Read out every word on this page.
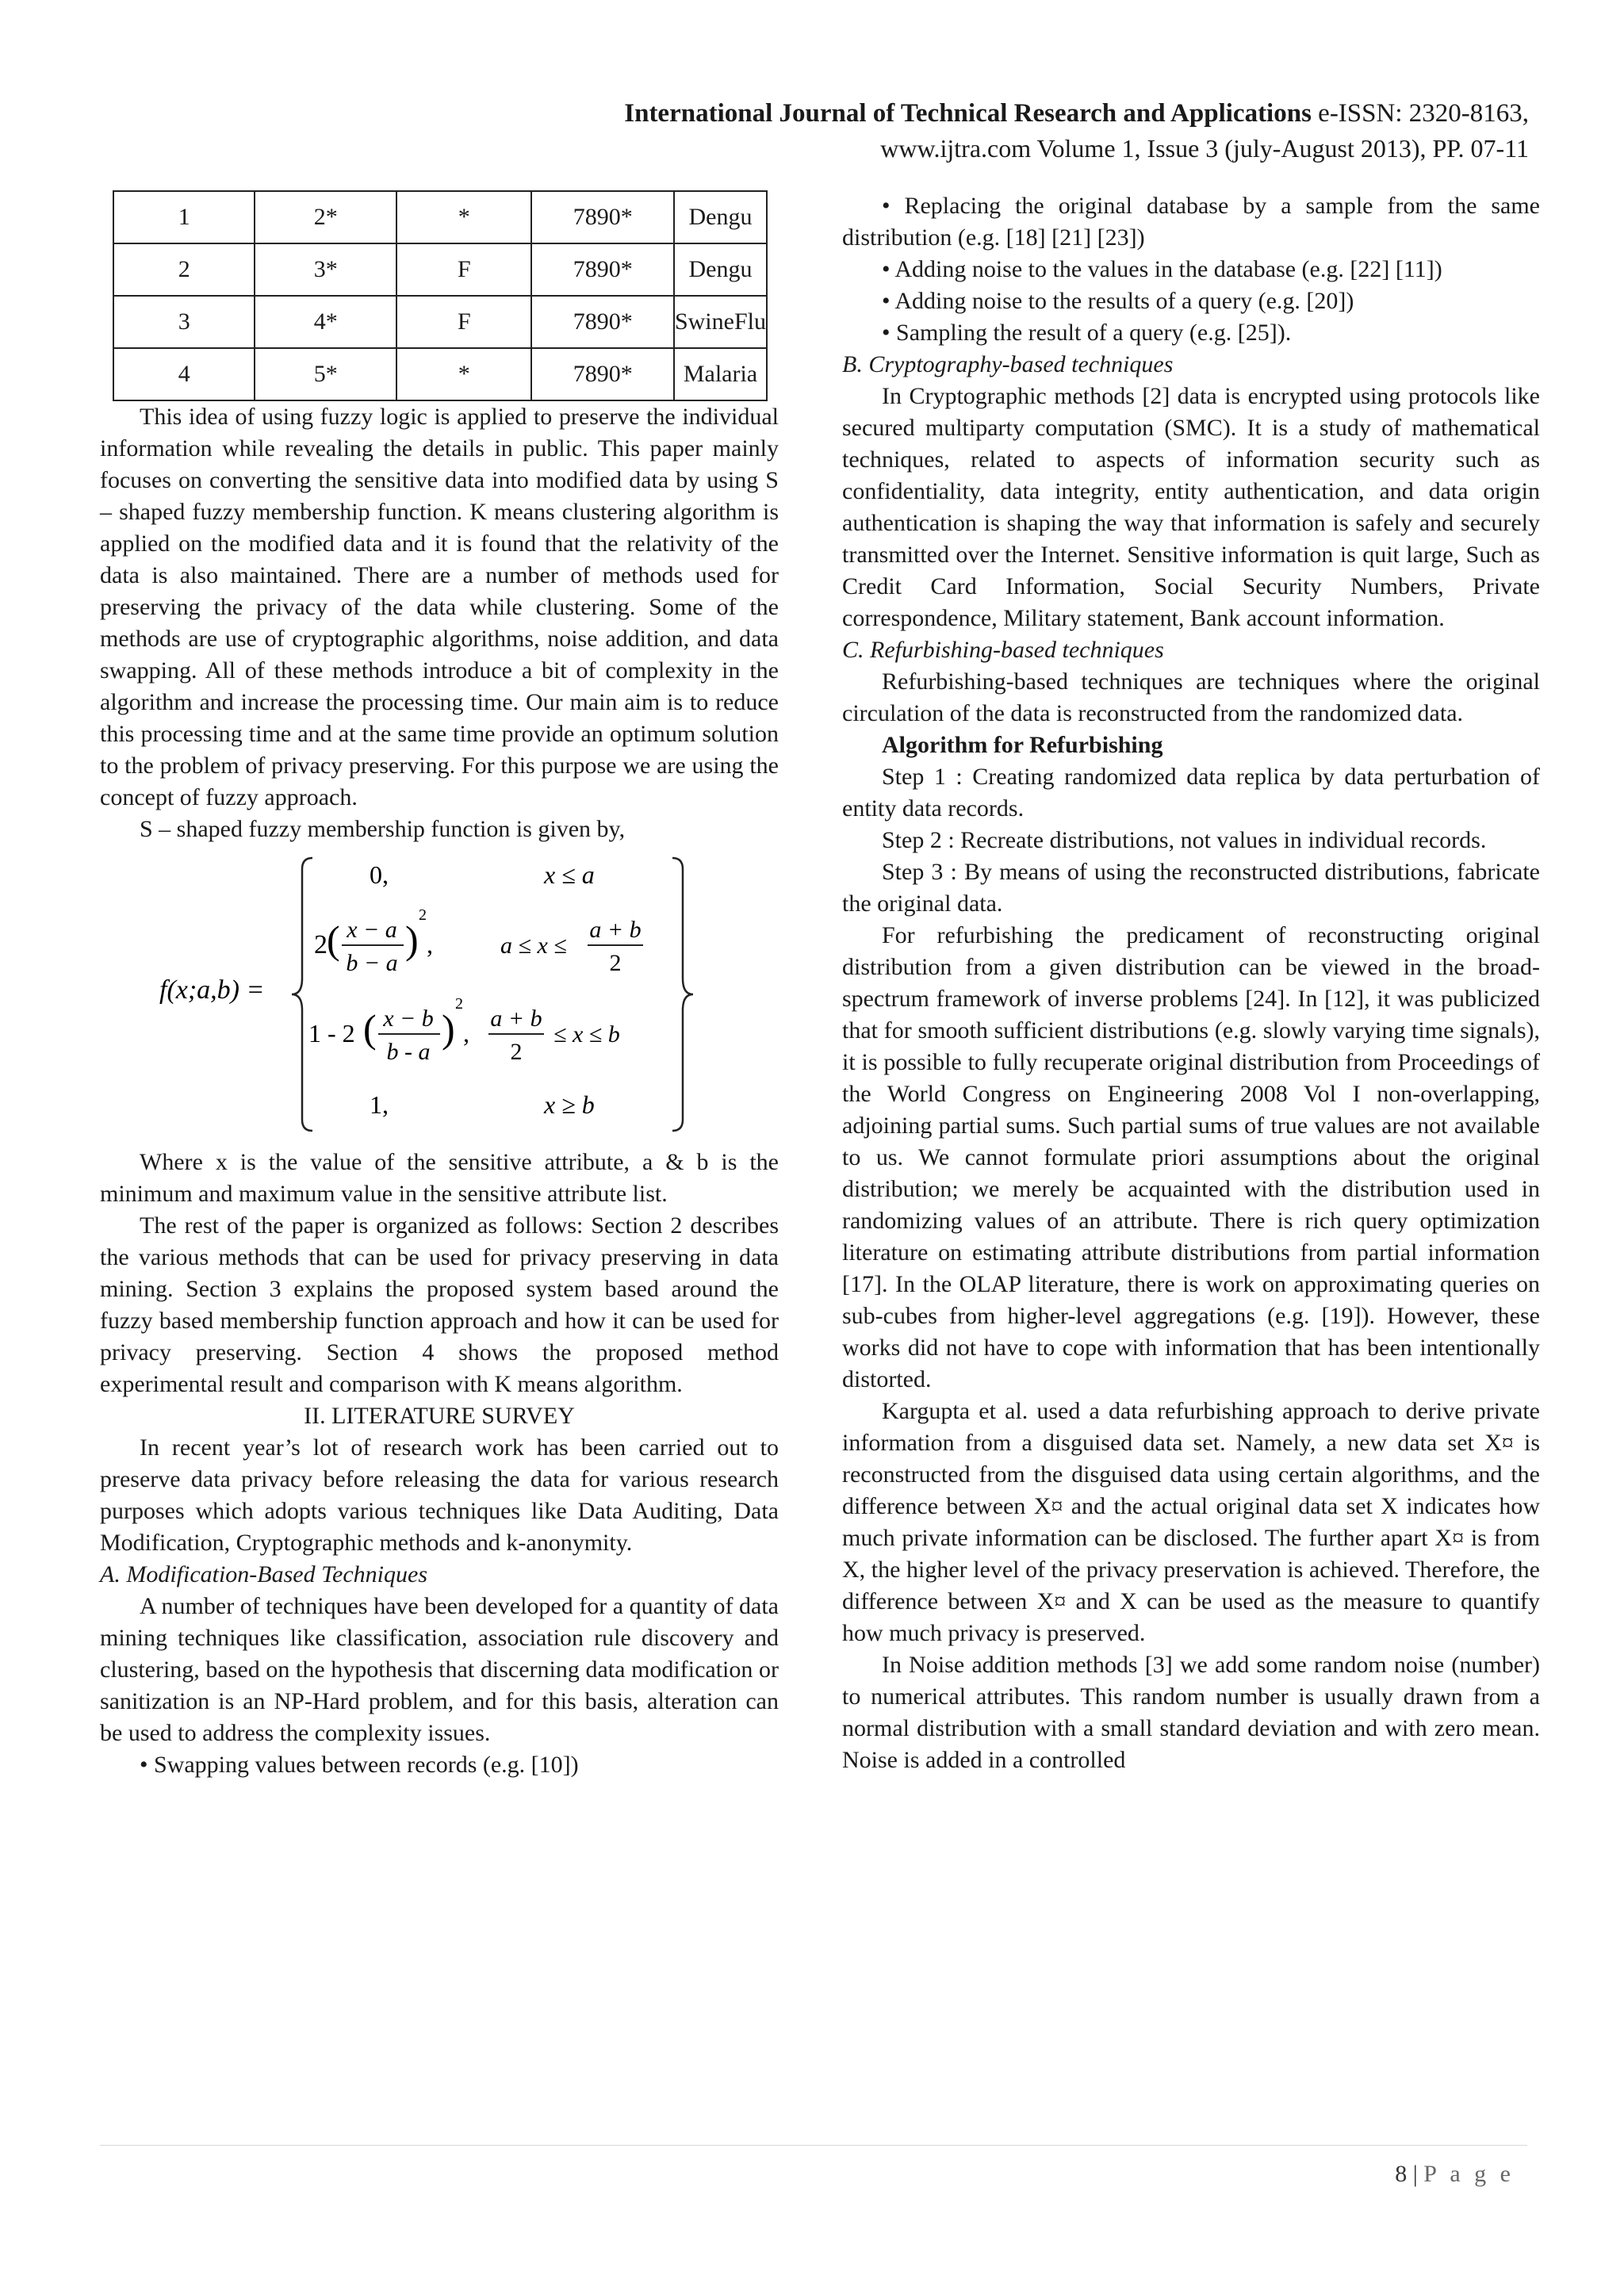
International Journal of Technical Research and Applications e-ISSN: 2320-8163,
www.ijtra.com Volume 1, Issue 3 (july-August 2013), PP. 07-11
1	2*	*	7890*	Dengu
2	3*	F	7890*	Dengu
3	4*	F	7890*	SwineFlu
4	5*	*	7890*	Malaria

This idea of using fuzzy logic is applied to preserve the individual information while revealing the details in public. This paper mainly focuses on converting the sensitive data into modified data by using S – shaped fuzzy membership function. K means clustering algorithm is applied on the modified data and it is found that the relativity of the data is also maintained. There are a number of methods used for preserving the privacy of the data while clustering. Some of the methods are use of cryptographic algorithms, noise addition, and data swapping. All of these methods introduce a bit of complexity in the algorithm and increase the processing time. Our main aim is to reduce this processing time and at the same time provide an optimum solution to the problem of privacy preserving. For this purpose we are using the concept of fuzzy approach.

S – shaped fuzzy membership function is given by,

f(x;a,b) =
0,	x ≤ a
2 ( x − a
b − a
)
2
,	a ≤ x ≤
a + b
2
1 - 2 ( x − b
b - a
)
2
,
a + b
2
≤ x ≤ b
1,	x ≥ b

Where x is the value of the sensitive attribute, a & b is the minimum and maximum value in the sensitive attribute list.

The rest of the paper is organized as follows: Section 2 describes the various methods that can be used for privacy preserving in data mining. Section 3 explains the proposed system based around the fuzzy based membership function approach and how it can be used for privacy preserving. Section 4 shows the proposed method experimental result and comparison with K means algorithm.

II. LITERATURE SURVEY

In recent year’s lot of research work has been carried out to preserve data privacy before releasing the data for various research purposes which adopts various techniques like Data Auditing, Data Modification, Cryptographic methods and k-anonymity.

A. Modification-Based Techniques

A number of techniques have been developed for a quantity of data mining techniques like classification, association rule discovery and clustering, based on the hypothesis that discerning data modification or sanitization is an NP-Hard problem, and for this basis, alteration can be used to address the complexity issues.

• Swapping values between records (e.g. [10])

• Replacing the original database by a sample from the same distribution (e.g. [18] [21] [23])

• Adding noise to the values in the database (e.g. [22] [11])

• Adding noise to the results of a query (e.g. [20])

• Sampling the result of a query (e.g. [25]).

B. Cryptography-based techniques

In Cryptographic methods [2] data is encrypted using protocols like secured multiparty computation (SMC). It is a study of mathematical techniques, related to aspects of information security such as confidentiality, data integrity, entity authentication, and data origin authentication is shaping the way that information is safely and securely transmitted over the Internet. Sensitive information is quit large, Such as Credit Card Information, Social Security Numbers, Private correspondence, Military statement, Bank account information.

C. Refurbishing-based techniques

Refurbishing-based techniques are techniques where the original circulation of the data is reconstructed from the randomized data.

Algorithm for Refurbishing

Step 1 : Creating randomized data replica by data perturbation of entity data records.

Step 2 : Recreate distributions, not values in individual records.

Step 3 : By means of using the reconstructed distributions, fabricate the original data.

For refurbishing the predicament of reconstructing original distribution from a given distribution can be viewed in the broad-spectrum framework of inverse problems [24]. In [12], it was publicized that for smooth sufficient distributions (e.g. slowly varying time signals), it is possible to fully recuperate original distribution from Proceedings of the World Congress on Engineering 2008 Vol I non-overlapping, adjoining partial sums. Such partial sums of true values are not available to us. We cannot formulate priori assumptions about the original distribution; we merely be acquainted with the distribution used in randomizing values of an attribute. There is rich query optimization literature on estimating attribute distributions from partial information [17]. In the OLAP literature, there is work on approximating queries on sub-cubes from higher-level aggregations (e.g. [19]). However, these works did not have to cope with information that has been intentionally distorted.

Kargupta et al. used a data refurbishing approach to derive private information from a disguised data set. Namely, a new data set X¤ is reconstructed from the disguised data using certain algorithms, and the difference between X¤ and the actual original data set X indicates how much private information can be disclosed. The further apart X¤ is from X, the higher level of the privacy preservation is achieved. Therefore, the difference between X¤ and X can be used as the measure to quantify how much privacy is preserved.

In Noise addition methods [3] we add some random noise (number) to numerical attributes. This random number is usually drawn from a normal distribution with a small standard deviation and with zero mean. Noise is added in a controlled

8 | P a g e
